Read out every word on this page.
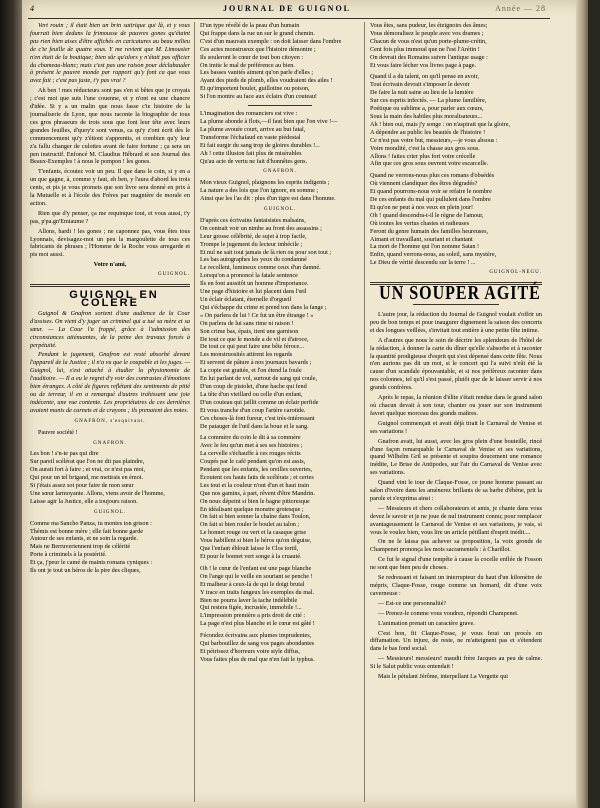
4	JOURNAL DE GUIGNOL	Année — 28

Vert rouin ; il était bien un brin satirique qui là, et y vous fourrait bien dedans la frimousse de pauvres gones qu'étaint pas rien bien aises d'être affichés en caricatures au beau milieu de c'te feuille de quatre sous. Y me revient que M. Limousier n'en était de la boutique; bien sûr qu'alors y n'était pas officier du chameau-blanc; mais c'est pas une raison pour déclabauder à présent le pauvre monde par rapport qu'y font ca que vous avez fait ; c'est pas juste, t'y pas vrai ?

Ah ben ! mes réducteurs sont pas s'en si bêtes que je croyais ; c'est moi que suis l'une couenne, et y n'ont eu une chancre d'idée. Si y a un malin que nous fasse c'te histoire de la journaliserie de Lyon, que nous raconte la biographie de tous ces gros phraseurs de trois sous que font leur tête avec leurs grandes feuilles, d'quoy'z sont venus, ca qu'y z'ont écrit dès le commencement qu'y z'étiont s'apprentis, et combien qu'y leur z'a fallu changer de culottes avant de faire fortune ; ça sera un pen instructif. Enfoncé M. Claudius Hébrard et son Journal des Beaux-Exemples ! à nous le pompon ! les gones.

T'enfants, écoutez voir un peu. Il que dans le coin, si y en a un que gagne, à, comme y faut, eh ben, y l'aura d'abord les trois cents, et pis je vous promets que son livre sera donné en prix à la Mutuelle et à l'école des Frères par magnière de morale en action.

Rien que d'y penser, ça me requinque tout, et vous aussi, t'y pas, p'pa.gn'Emiaume ?

Allons, hardi ! les gones ; ne caponnez pas, vous êtes tous Lyonnais, devisagez-moi un peu la margoulette de tous ces fabricants de phrases ; l'Homme de la Roche vous arregarde et pis moi aussi.

Votre n'ami,

GUIGNOL.

GUIGNOL EN COLERE

Guignol & Gnafron sortent d'une audience de la Cour d'assises. On vient d'y juger un criminel qui a tué sa mère et sa sœur. — La Cour l'a frappé, grâce à l'admission des circonstances atténuantes, de la peine des travaux forcés à perpétuité.

Pendant le jugement, Gnafron est resté absorbé devant l'appareil de la Justice ; il n'a vu que le coupable et les juges. — Guignol, lui, s'est attaché à étudier la physionomie de l'auditoire. — Il a eu le regret d'y voir des contrastes d'émotions bien étranges. A côté de figures reflétant des sentiments de pitié ou de terreur, il en a remarqué d'autres trahissant une joie indécente, une vue contente. Les propriétaires de ces dernières avaient munis de carnets et de crayons ; ils prenaient des notes.

GNAFRON, s'esquivant.

Pauvre société !

GNAFRON.

Les bon ! s'n-te pas qui dire

Sur pareil scélérat que l'on ne dit pas plaindre,

On aurait fort à faire ; et vrai, ce n'est pas moi,

Qui pour un tel brigand, me mettrais en émoi.

Si j'étais assez sot pour faire de mon sœur

Une sœur larmoyante. Allons, viens avoir de l'homme,

Laisse agir la Justice, elle a toujours raison.

GUIGNOL.

Comme ma Sancho Panza, tu montes ton grison :

Thémis est bonne mère ; elle fait bonne garde

Autour de ses enfants, et ne soin la regarde.

Mais ne Berruveriennent trop de célérité

Porte à criminels à la postérité.

Et ça, j'peur le camé de maints romans cyniques :

Ils ont je tout un héros de la pire des cliques,

D'un type révélé de la peau d'un humain

Qui frappe dans la rue un sur le grand chemin.

C'est d'un mauvais exemple : on doit laisser dans l'ombre

Ces actes monstrueux que l'histoire démontre ;

Ils souleront le cœur de tout bon citoyen :

On imite le mal de préférence au bien.

Les basses vanités aiment qu'on parle d'elles ;

Ayant des pieds de plomb, elles voudraient des ailes !

Et qu'importent boulet, guillotine ou poison,

Si l'on montre au face aux éclairs d'un couteau!

L'imagination des romanciers est vive :

La plume abonde à flots,—il faut bien que l'on vive !—

La plume avouée court, arrive au but fatal,

Transforme l'échafaud en vaste piédestal

Et fait surgir du sang trop de gloires durables !...

Ah ! cette illusion fait plus de misérables

Qu'au acte de vertu ne fait d'honnêtes gens.

GNAFRON.

Mon vieux Guignol, plaignons les esprits indigents ;

La nature a des lois que l'on ignore, en somme ;

Ainsi que les l'as dit : plus d'un tigre est dans l'homme.

GUIGNOL.

D'après ces écrivains fantaisistes malsains,

On centrait voir un nimbe au front des assassins ;

Leur grosse célébrité, de sujet à trop facile,

Trompe le jugement du lecteur imbécile ;

Et nul ne sait tout jamais de là rien ou pour son tout ;

Les bas autographes les yeux du condamné

Le recollent, lumineux comme ceux d'un damné.

Lorsqu'on a prononcé la fatale sentence

Ils en font aussitôt un homme d'importance.

Une page d'histoire et lui placent dans l'œil

Un éclair éclatant, éternelle d'orgueil

Qui s'échappe du crime et prend ton dans la fange ;

« On parlera de lui ! Ce fut un être étrange ! »

On parlera de lui sans rime ni raison !

Son crime bas, épais, tient une garnison

De tout ce que le monde a de vil et d'atroce,

De tout ce qui peut faire une bête féroce...

Les monstruosités attirent les regards

Et servent de pâture à nos journaux bavards ;

La copie est grattée, et l'on étend la foule

En lui parlant de vol, surtout de sang qui coule,

D'un coup de pistolet, d'une hache qui fend

La tête d'un vieillard ou celle d'un enfant,

D'un couteau qui jaillit comme un éclair perfide

Et vous tranche d'un coup l'artère carotide.

Ces choses-là font fureur, c'est très-intéressant

De patauger de l'œil dans la boue et le sang.

La commère du coin le dit à sa commère

Avec le feu qu'un met à ses ses histoires ;

La cervelle s'échauffe à ces rouges récits

Coupés par le café pendant qu'on est assis,

Pendant que les enfants, les oreilles ouvertes,

Écoutent ces hauts faits de scélérats ; et certes

Les tout et la couleur n'ont d'un et haut train

Que nos gamins, à part, rêvent d'être Mandrin.

On nous dépeint si bien le bagne pittoresque

En idéalisant quelque monstre grotesque ;

On fait si bien sonner la chaîne dans Toulon,

On fait si bien rouler le boulet au talon ;

Le bonnet rouge ou vert et la casaque grise

Vous habillent si bien le héros qu'on déguise,

Que l'enfant éblouit laisse le Clos tortil,

Et pour le bonnet vert songe à la cruauté.

Oh ! le cœur de l'enfant est une page blanche

On l'ange qui le veille en souriant se penche !

Et malheur à ceux-là de qui le doigt brutal

Y trace en traits fangeux les exemples du mal.

Bien ne pourra laver la tache indélébile

Qui restera figée, incrustée, immobile !...

L'impression première a pris droit de cité :

La page n'est plus blanche et le cœur est gâté !

Fécondez écrivains aux plumes imprudentes,

Qui barbouillez de sang vos pages abondantes

Et pétrissez d'horreurs votre style diffus,

Vous faites plus de mal que n'en fait le typhus.

Vous êtes, sans pudeur, les éteignoirs des âmes;

Vous démoralisez le peuple avec vos drames ;

Chacun de vous n'est qu'un porte-plume-crétin,

Cent fois plus immoral que ne l'est l'Arétin !

On devrait des Romains suivre l'antique usage :

Et vous faire lécher vos livres page à page.

Quand il a du talent, on qu'il pense en avoir,

Tout écrivain devrait s'imposer le devoir

De faire la nuit saine au lieu de la lumière

Sur ces esprits infectés. — La plume familière,

Poétique ou sublime a, pour parler aux cœurs,

Sous la main des habiles plus moralisateurs...

Ah ! bien oui, mais j'y songe : on n'aspirait que la gloire,

A dépendre au public les beautés de l'histoire !

Ce n'est pas votre but, messieurs,—je vous absous :

Votre moralité, c'est la chasse aux gros sous.

Allons ! faites crier plus fort votre crécelle

Afin que ces gros sous ouvrent votre escarcelle.

Quand ne verrons-nous plus ces romans d'obsédés

Où viennent clandiquer des êtres dégradés?

Et quand pourrons-nous voir se refaire le nombre

De ces enfants du mal qui pullulent dans l'ombre

Et qu'on ne peut à nos veux en plein jour!

Oh ! quand descendra-t-il le règne de l'amour,

Où toutes les vertus chastes et radieuses

Feront du genre humain des familles heureuses,

Aimant et travaillant, souriant et chantant

La mort de l'homme qui l'on nomme Satan !

Enfin, quand verrons-nous, au soleil, sans mystère,

Le Dieu de vérité descendu sur la terre ! ...

GUIGNOL-NEGU.

UN SOUPER AGITÉ

L'autre jour, la rédaction du Journal de Guignol voulait s'offrir un peu de bon temps et pour inaugurer dignement la saison des concerts et des longues veillées, s'invitait tout entière à une petite fête intime.

A d'autres que nous le soin de décrire les splendeurs de l'hôtel de la rédaction, à donner la carte du dîner qu'elle s'absorbe et à raconter la quantité prodigieuse d'esprit qui s'est dépensé dans cette fête. Nous n'en aurions pas dit un mot, si le concert qui l'a suivi n'eût été la cause d'un scandale épouvantable, et si nos préfèreux raconter dans nos colonnes, tel qu'il s'est passé, plutôt que de le laisser servir à nos grands confrères.

Après le repas, la réunion d'élite s'était rendue dans le grand salon où chacun devait à son tour, chanter ou jouer sur son instrument favori quelque morceau des grands maîtres.

Guignol commençait et avait déjà tirait le Carnaval de Venise et ses variations !

Gnafron avait, lui aussi, avec les gros plein d'une bouteille, rincé d'une façon remarquable le Carnaval de Venise et ses variations, quand Wilhelm Gril se présente et soupira doucement une romance inédite, Le Brise de Antipodes, sur l'air du Carnaval de Venise avec ses variations.

Quand vint le tour de Claque-Fosse, ce jeune homme passant au salon d'ivoire dans les amènerez brillants de sa barbe d'ébène, prit la parole et s'exprima ainsi :

— Messieurs et chers collaborateurs et amis, je chante dans vous devez le savoir et je ne joue de nul instrument connu; pour remplacer avantageusement le Carnaval de Venise et ses variations, je vais, si vous le voulez bien, vous lire un article pétillant d'esprit inédit....

On ne le laissa pas achever sa proposition, la voix gronde de Champenet prononça les mots sacramentels : à Charillot.

Ce fut le signal d'une tempête à cause la cocelle enflée de Fosson ne sont que bien peu de choses.

Se redressant et faisant un interrupteur du haut d'un kilomètre de mépris, Claque-Fosse, rouge comme un homard, dit d'une voix caverneuse :

— Est-ce une personnalité?

— Prenez-le comme vous voudrez, répondit Champenet.

L'animation prenait un caractère grave.

C'est bon, fit Claque-Fosse, je vous ferai un procès en diffamation. Un injure, de reste, ne m'atteignent pas et s'étendent dans le bas fond social.

— Messieurs! messieurs! maudit frère Jacques au peu de calme. Si le Salut public vous entendait !

Mais le pétulant Jérôme, interpellant La Vergette qui
